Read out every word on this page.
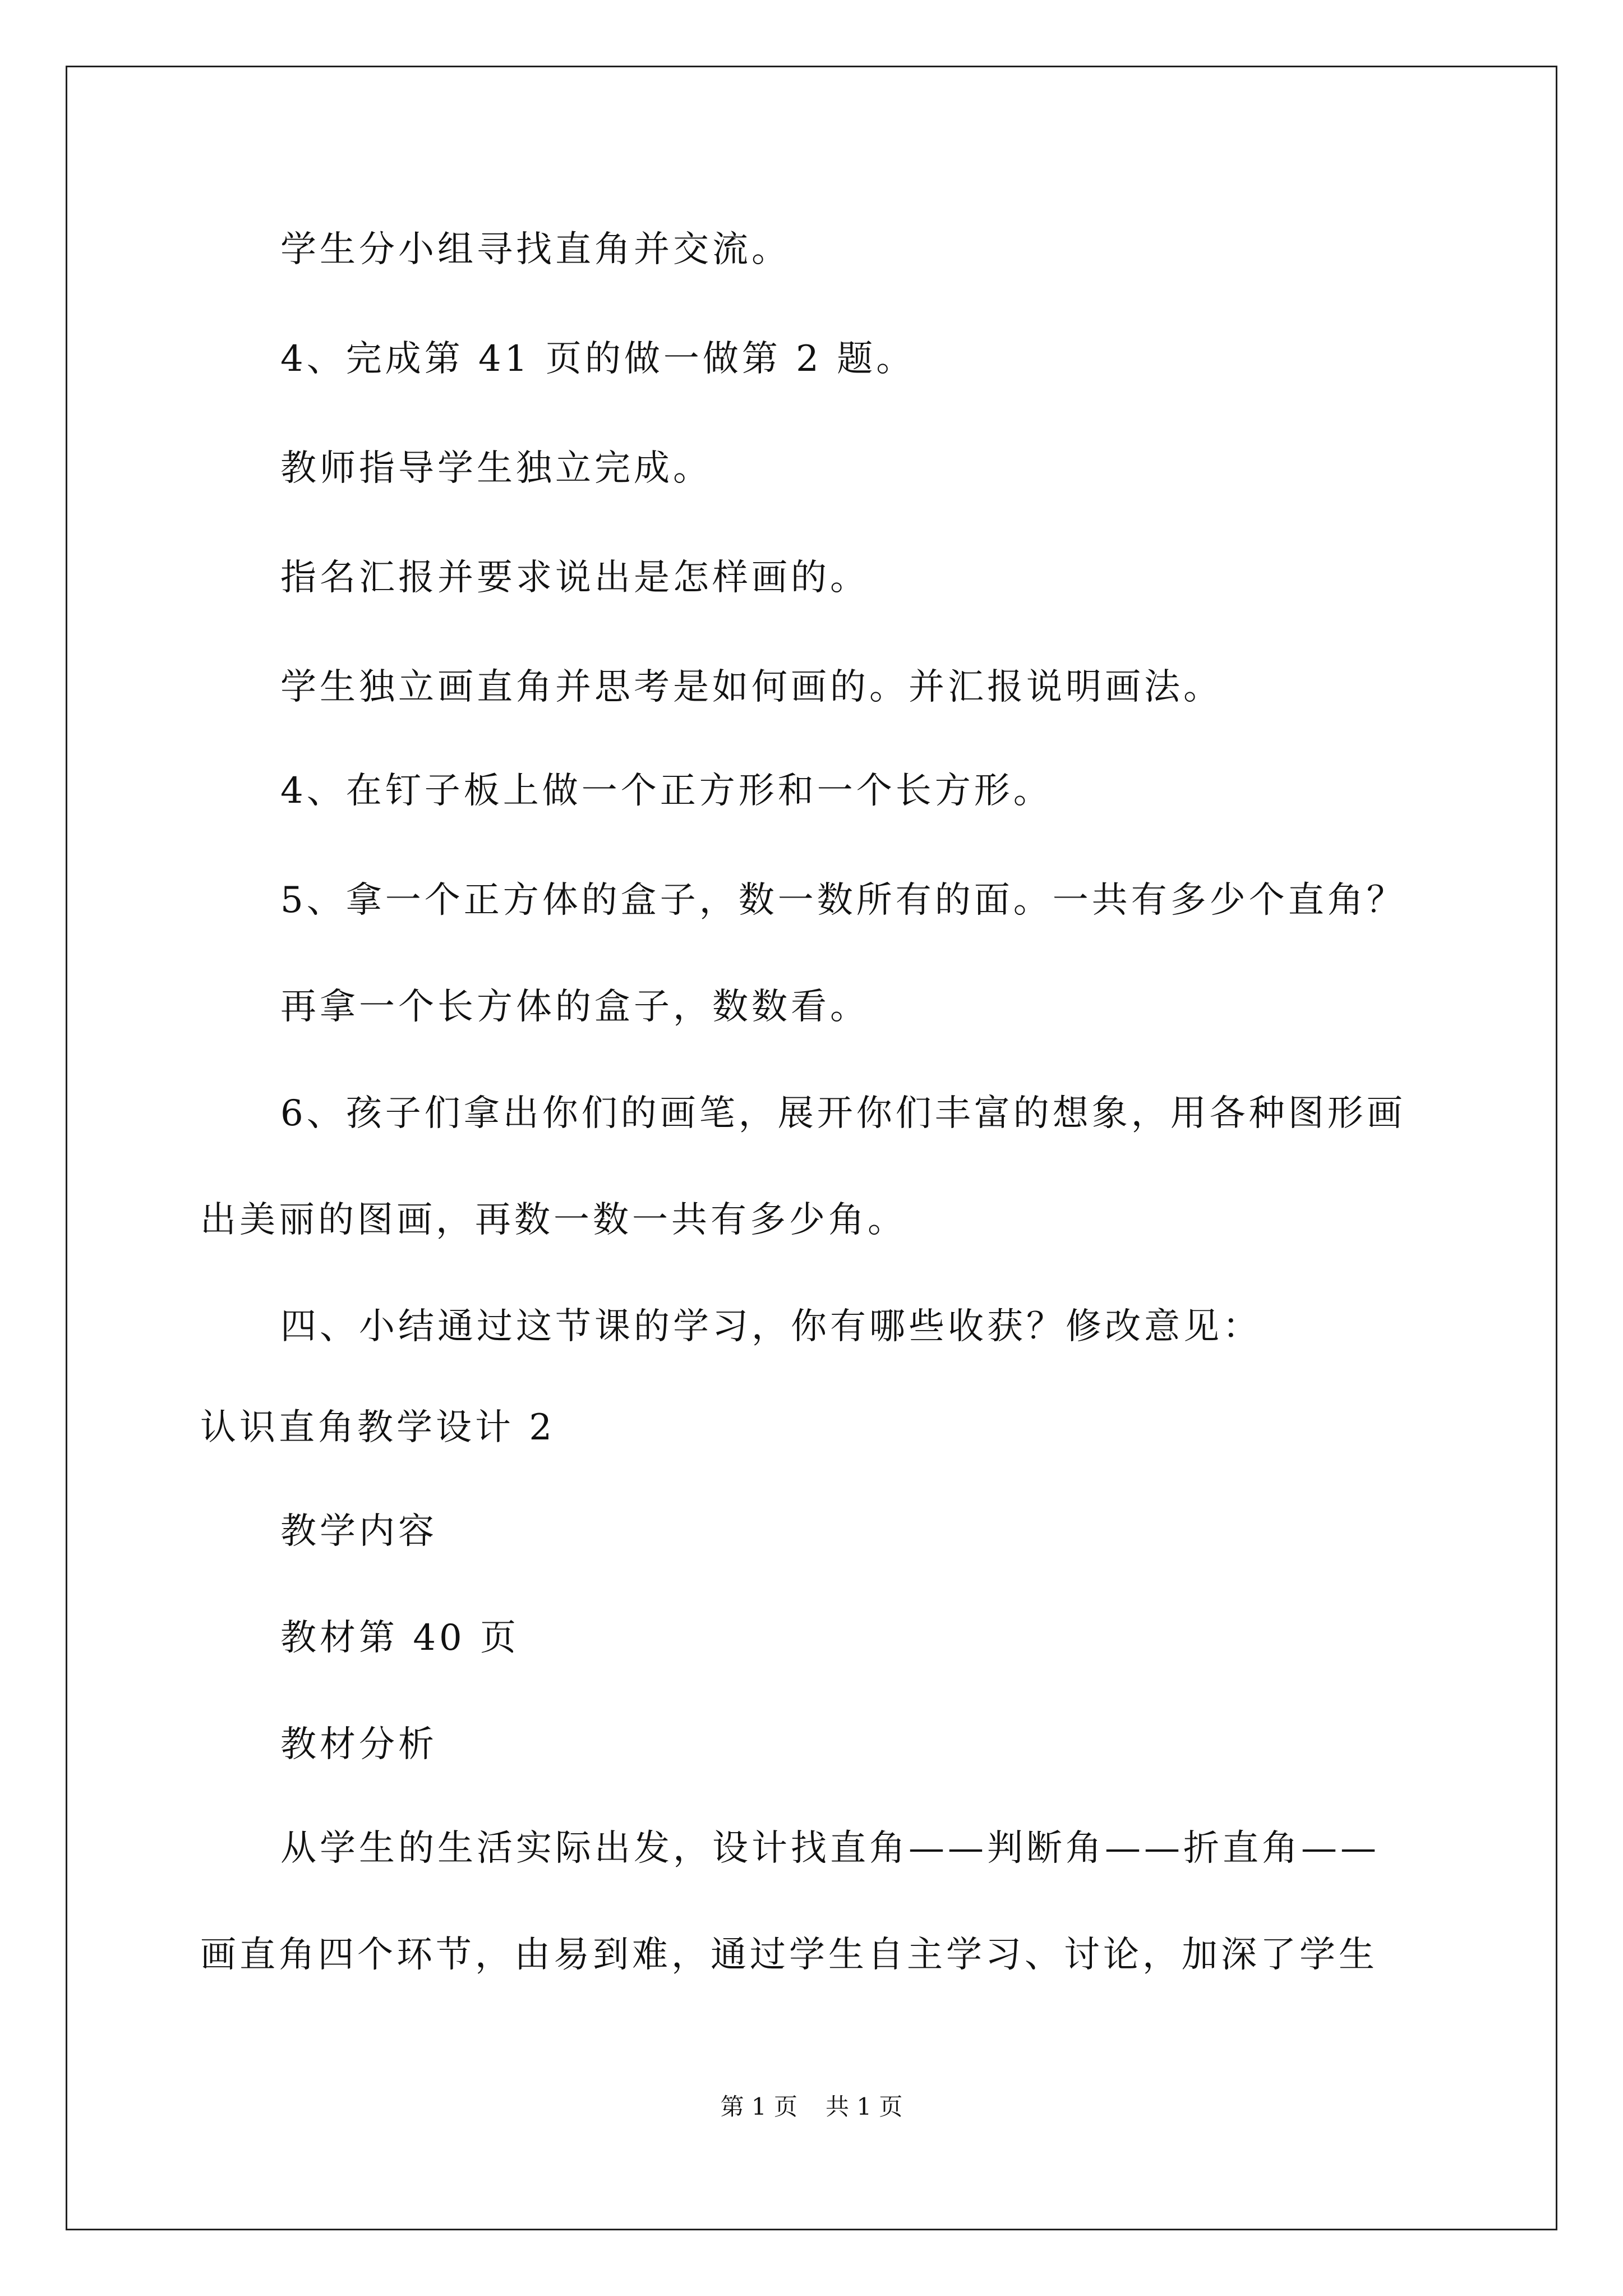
学生分小组寻找直角并交流。
4、完成第 41 页的做一做第 2 题。
教师指导学生独立完成。
指名汇报并要求说出是怎样画的。
学生独立画直角并思考是如何画的。并汇报说明画法。
4、在钉子板上做一个正方形和一个长方形。
5、拿一个正方体的盒子，数一数所有的面。一共有多少个直角？
再拿一个长方体的盒子，数数看。
6、孩子们拿出你们的画笔，展开你们丰富的想象，用各种图形画
出美丽的图画，再数一数一共有多少角。
四、小结通过这节课的学习，你有哪些收获？修改意见：
认识直角教学设计 2
教学内容
教材第 40 页
教材分析
从学生的生活实际出发，设计找直角——判断角——折直角——
画直角四个环节，由易到难，通过学生自主学习、讨论，加深了学生
第 1 页 共 1 页
